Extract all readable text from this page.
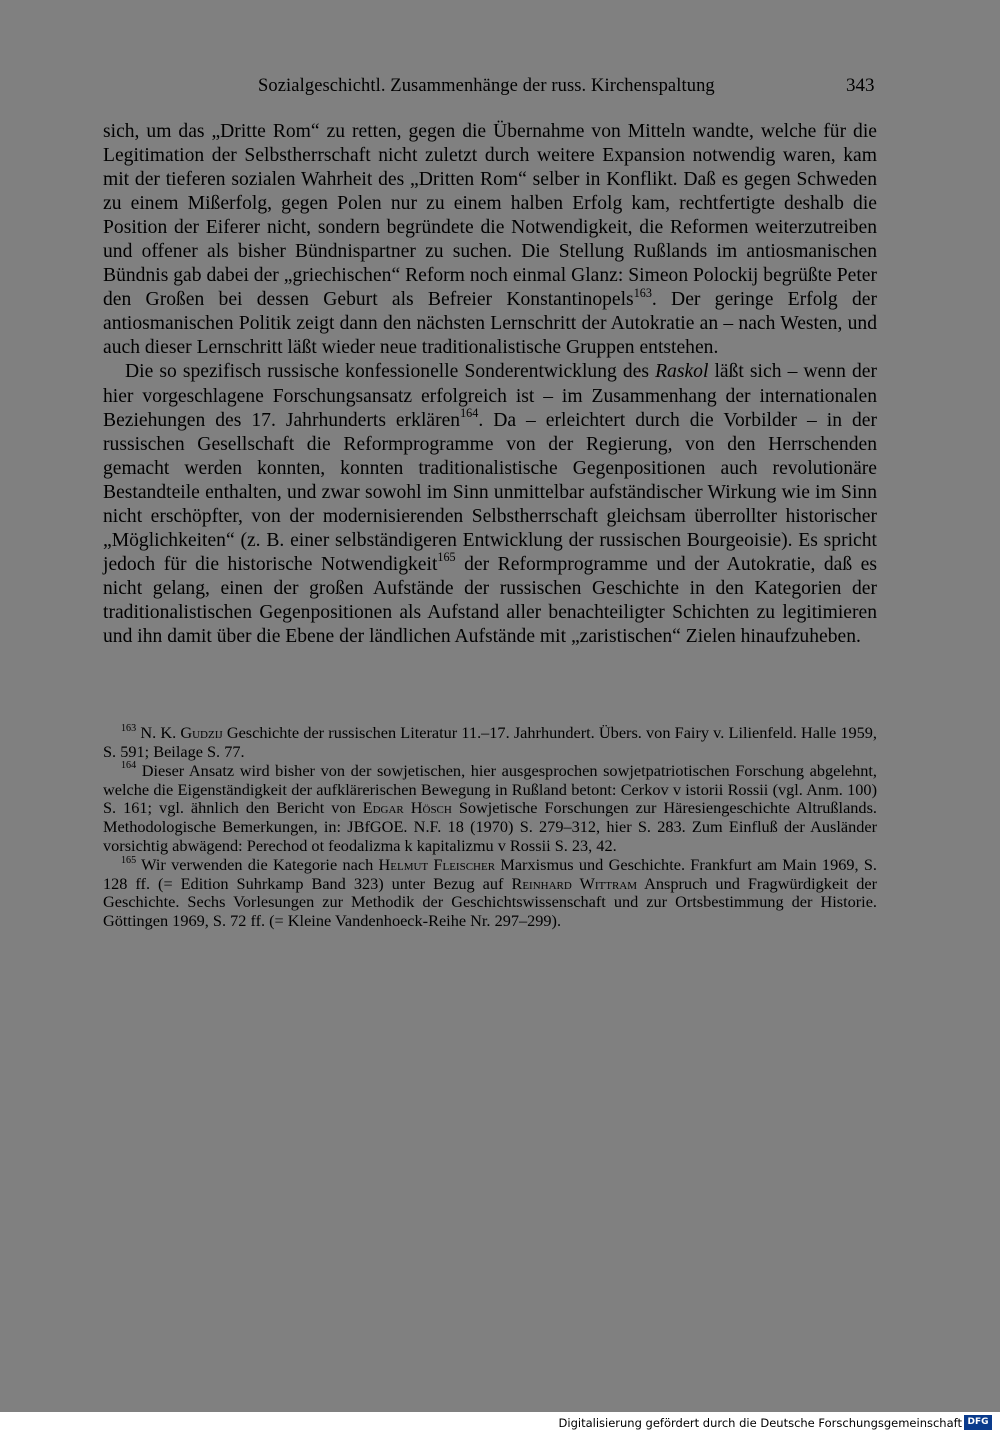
Sozialgeschichtl. Zusammenhänge der russ. Kirchenspaltung	343

sich, um das „Dritte Rom“ zu retten, gegen die Übernahme von Mitteln wandte, welche für die Legitimation der Selbstherrschaft nicht zuletzt durch weitere Expansion notwendig waren, kam mit der tieferen sozialen Wahrheit des „Dritten Rom“ selber in Konflikt. Daß es gegen Schweden zu einem Mißerfolg, gegen Polen nur zu einem halben Erfolg kam, rechtfertigte deshalb die Position der Eiferer nicht, sondern begründete die Notwendigkeit, die Reformen weiterzutreiben und offener als bisher Bündnispartner zu suchen. Die Stellung Rußlands im antiosmanischen Bündnis gab dabei der „griechischen“ Reform noch einmal Glanz: Simeon Polockij begrüßte Peter den Großen bei dessen Geburt als Befreier Konstantinopels$^{163}$. Der geringe Erfolg der antiosmanischen Politik zeigt dann den nächsten Lernschritt der Autokratie an – nach Westen, und auch dieser Lernschritt läßt wieder neue traditionalistische Gruppen entstehen.

Die so spezifisch russische konfessionelle Sonderentwicklung des Raskol läßt sich – wenn der hier vorgeschlagene Forschungsansatz erfolgreich ist – im Zusammenhang der internationalen Beziehungen des 17. Jahrhunderts erklären$^{164}$. Da – erleichtert durch die Vorbilder – in der russischen Gesellschaft die Reformprogramme von der Regierung, von den Herrschenden gemacht werden konnten, konnten traditionalistische Gegenpositionen auch revolutionäre Bestandteile enthalten, und zwar sowohl im Sinn unmittelbar aufständischer Wirkung wie im Sinn nicht erschöpfter, von der modernisierenden Selbstherrschaft gleichsam überrollter historischer „Möglichkeiten“ (z. B. einer selbständigeren Entwicklung der russischen Bourgeoisie). Es spricht jedoch für die historische Notwendigkeit$^{165}$ der Reformprogramme und der Autokratie, daß es nicht gelang, einen der großen Aufstände der russischen Geschichte in den Kategorien der traditionalistischen Gegenpositionen als Aufstand aller benachteiligter Schichten zu legitimieren und ihn damit über die Ebene der ländlichen Aufstände mit „zaristischen“ Zielen hinaufzuheben.

$^{163}$ N. K. Gudzij Geschichte der russischen Literatur 11.–17. Jahrhundert. Übers. von Fairy v. Lilienfeld. Halle 1959, S. 591; Beilage S. 77.

$^{164}$ Dieser Ansatz wird bisher von der sowjetischen, hier ausgesprochen sowjetpatriotischen Forschung abgelehnt, welche die Eigenständigkeit der aufklärerischen Bewegung in Rußland betont: Cerkov v istorii Rossii (vgl. Anm. 100) S. 161; vgl. ähnlich den Bericht von Edgar Hösch Sowjetische Forschungen zur Häresiengeschichte Altrußlands. Methodologische Bemerkungen, in: JBfGOE. N.F. 18 (1970) S. 279–312, hier S. 283. Zum Einfluß der Ausländer vorsichtig abwägend: Perechod ot feodalizma k kapitalizmu v Rossii S. 23, 42.

$^{165}$ Wir verwenden die Kategorie nach Helmut Fleischer Marxismus und Geschichte. Frankfurt am Main 1969, S. 128 ff. (= Edition Suhrkamp Band 323) unter Bezug auf Reinhard Wittram Anspruch und Fragwürdigkeit der Geschichte. Sechs Vorlesungen zur Methodik der Geschichtswissenschaft und zur Ortsbestimmung der Historie. Göttingen 1969, S. 72 ff. (= Kleine Vandenhoeck-Reihe Nr. 297–299).

Digitalisierung gefördert durch die Deutsche Forschungsgemeinschaft DFG
